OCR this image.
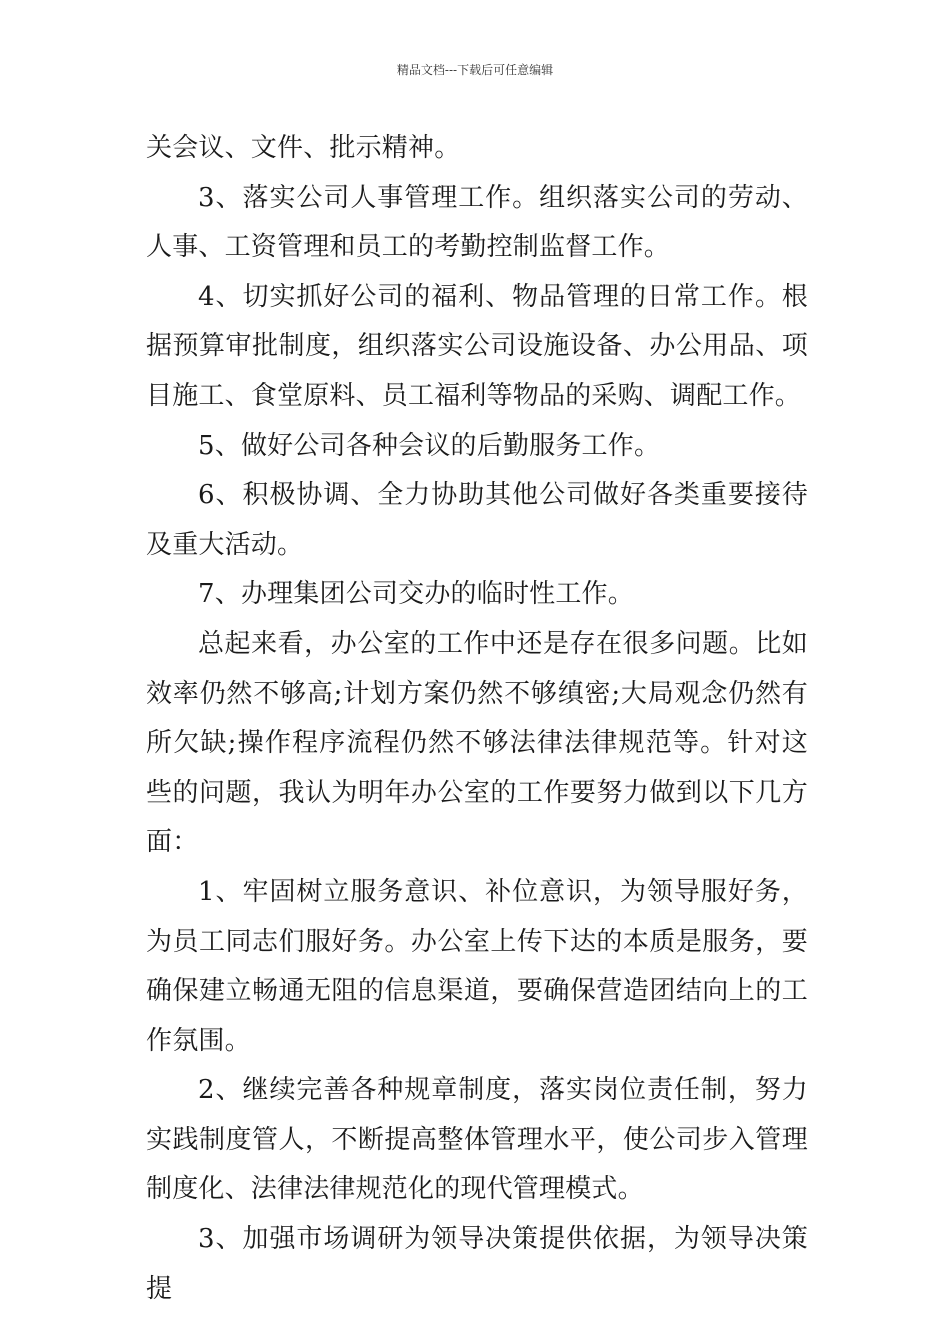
精品文档---下载后可任意编辑

关会议、文件、批示精神。

3、落实公司人事管理工作。组织落实公司的劳动、人事、工资管理和员工的考勤控制监督工作。

4、切实抓好公司的福利、物品管理的日常工作。根据预算审批制度，组织落实公司设施设备、办公用品、项目施工、食堂原料、员工福利等物品的采购、调配工作。

5、做好公司各种会议的后勤服务工作。

6、积极协调、全力协助其他公司做好各类重要接待及重大活动。

7、办理集团公司交办的临时性工作。

总起来看，办公室的工作中还是存在很多问题。比如效率仍然不够高;计划方案仍然不够缜密;大局观念仍然有所欠缺;操作程序流程仍然不够法律法律规范等。针对这些的问题，我认为明年办公室的工作要努力做到以下几方面：

1、牢固树立服务意识、补位意识，为领导服好务，为员工同志们服好务。办公室上传下达的本质是服务，要确保建立畅通无阻的信息渠道，要确保营造团结向上的工作氛围。

2、继续完善各种规章制度，落实岗位责任制，努力实践制度管人，不断提高整体管理水平，使公司步入管理制度化、法律法律规范化的现代管理模式。

3、加强市场调研为领导决策提供依据，为领导决策提
